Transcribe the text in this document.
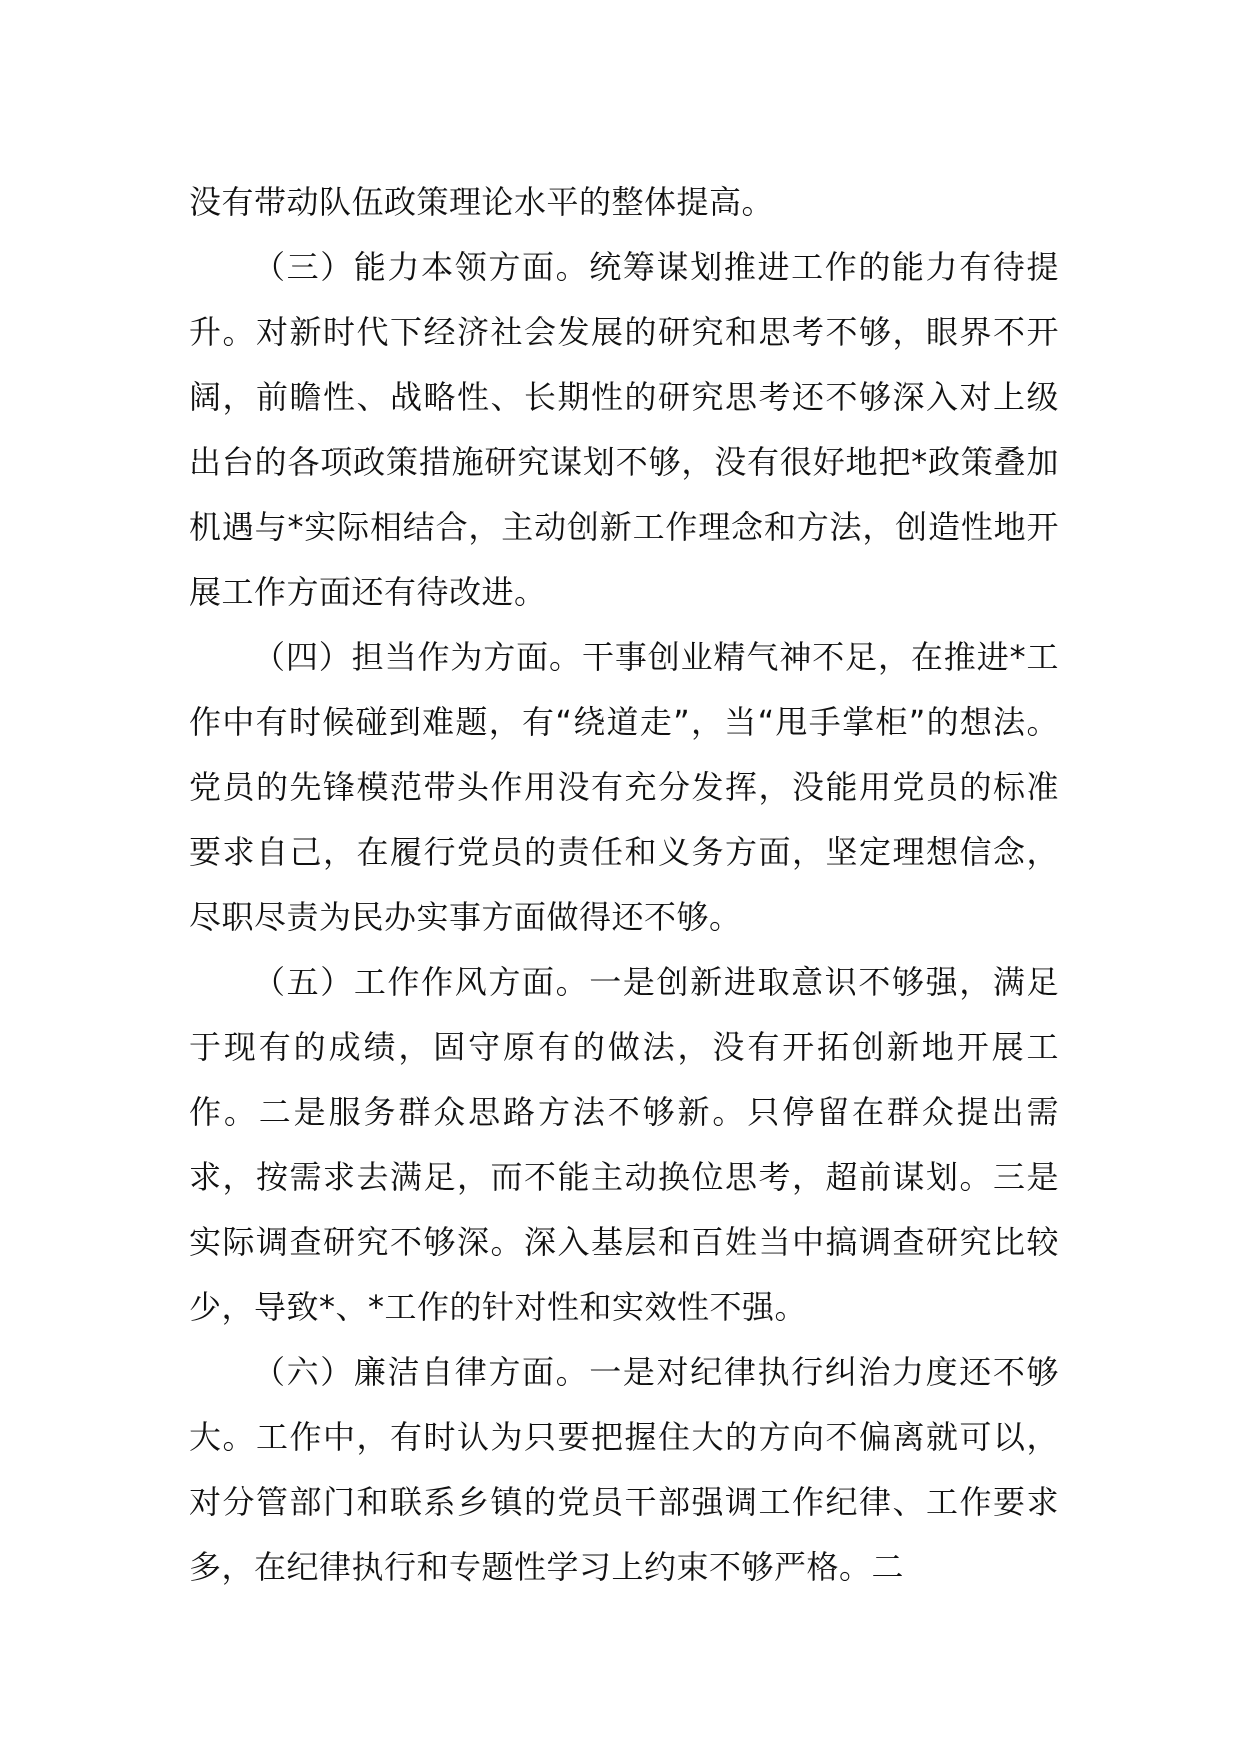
没有带动队伍政策理论水平的整体提高。

（三）能力本领方面。统筹谋划推进工作的能力有待提升。对新时代下经济社会发展的研究和思考不够，眼界不开阔，前瞻性、战略性、长期性的研究思考还不够深入对上级出台的各项政策措施研究谋划不够，没有很好地把*政策叠加机遇与*实际相结合，主动创新工作理念和方法，创造性地开展工作方面还有待改进。

（四）担当作为方面。干事创业精气神不足，在推进*工作中有时候碰到难题，有“绕道走”，当“甩手掌柜”的想法。党员的先锋模范带头作用没有充分发挥，没能用党员的标准要求自己，在履行党员的责任和义务方面，坚定理想信念，尽职尽责为民办实事方面做得还不够。

（五）工作作风方面。一是创新进取意识不够强，满足于现有的成绩，固守原有的做法，没有开拓创新地开展工作。二是服务群众思路方法不够新。只停留在群众提出需求，按需求去满足，而不能主动换位思考，超前谋划。三是实际调查研究不够深。深入基层和百姓当中搞调查研究比较少，导致*、*工作的针对性和实效性不强。

（六）廉洁自律方面。一是对纪律执行纠治力度还不够大。工作中，有时认为只要把握住大的方向不偏离就可以，对分管部门和联系乡镇的党员干部强调工作纪律、工作要求多，在纪律执行和专题性学习上约束不够严格。二
